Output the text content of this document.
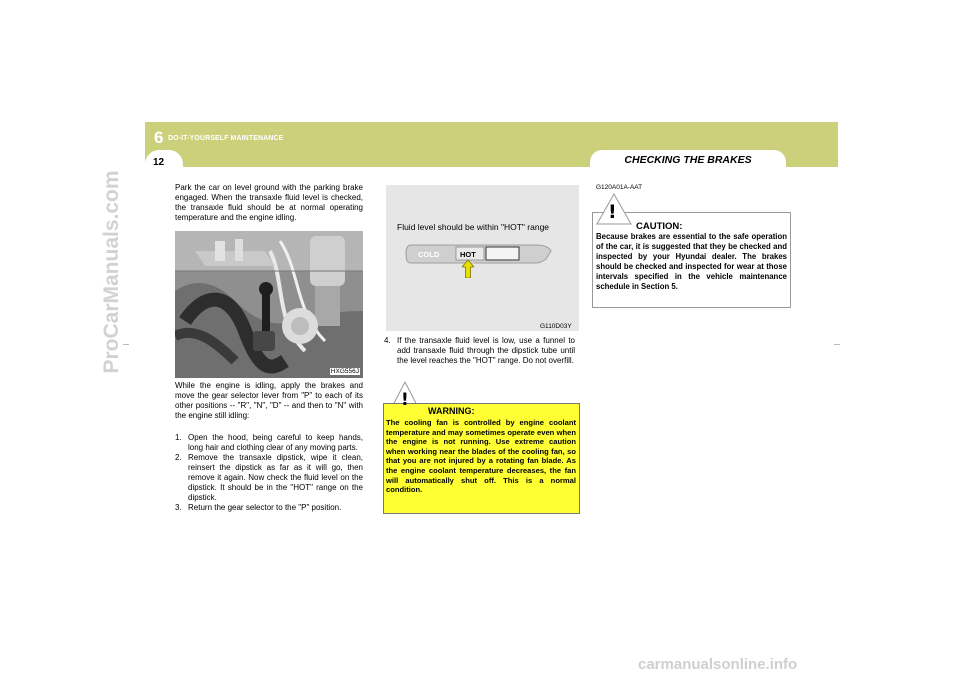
ProCarManuals.com
carmanualsonline.info
6 DO-IT-YOURSELF MAINTENANCE
12	CHECKING THE BRAKES
Park the car on level ground with the parking brake engaged. When the transaxle fluid level is checked, the transaxle fluid should be at normal operating temperature and the engine idling.
HXG556J
While the engine is idling, apply the brakes and move the gear selector lever from "P" to each of its other positions -- "R", "N", "D" -- and then to "N" with the engine still idling:
1. Open the hood, being careful to keep hands, long hair and clothing clear of any moving parts.
2. Remove the transaxle dipstick, wipe it clean, reinsert the dipstick as far as it will go, then remove it again. Now check the fluid level on the dipstick. It should be in the "HOT" range on the dipstick.
3. Return the gear selector to the "P" position.
COLD	HOT
Fluid level should be within "HOT" range
G110D03Y
4. If the transaxle fluid level is low, use a funnel to add transaxle fluid through the dipstick tube until the level reaches the "HOT" range. Do not overfill.
!
WARNING:
The cooling fan is controlled by engine coolant temperature and may sometimes operate even when the engine is not running. Use extreme caution when working near the blades of the cooling fan, so that you are not injured by a rotating fan blade. As the engine coolant temperature decreases, the fan will automatically shut off. This is a normal condition.
G120A01A-AAT
!
CAUTION:
Because brakes are essential to the safe operation of the car, it is suggested that they be checked and inspected by your Hyundai dealer. The brakes should be checked and inspected for wear at those intervals specified in the vehicle maintenance schedule in Section 5.
